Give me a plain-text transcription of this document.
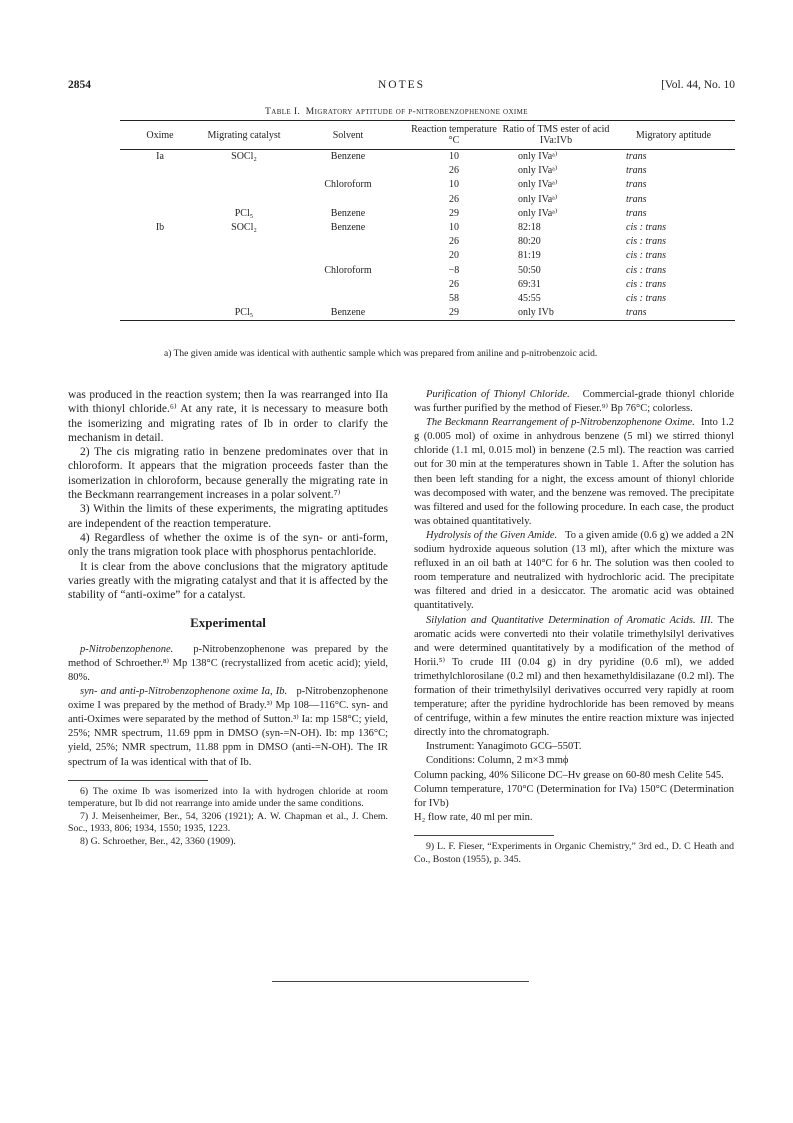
2854	NOTES	[Vol. 44, No. 10
Table I. Migratory aptitude of p-nitrobenzophenone oxime
Oxime	Migrating catalyst	Solvent	Reaction temperature °C	Ratio of TMS ester of acid IVa:IVb	Migratory aptitude
Ia	SOCl₂	Benzene	10	only IVaᵃ⁾	trans
			26	only IVaᵃ⁾	trans
		Chloroform	10	only IVaᵃ⁾	trans
			26	only IVaᵃ⁾	trans
	PCl₅	Benzene	29	only IVaᵃ⁾	trans
Ib	SOCl₂	Benzene	10	82:18	cis : trans
			26	80:20	cis : trans
			20	81:19	cis : trans
		Chloroform	−8	50:50	cis : trans
			26	69:31	cis : trans
			58	45:55	cis : trans
	PCl₅	Benzene	29	only IVb	trans
a) The given amide was identical with authentic sample which was prepared from aniline and p-nitrobenzoic acid.

was produced in the reaction system; then Ia was rearranged into IIa with thionyl chloride.⁶⁾ At any rate, it is necessary to measure both the isomerizing and migrating rates of Ib in order to clarify the mechanism in detail.

2) The cis migrating ratio in benzene predominates over that in chloroform. It appears that the migration proceeds faster than the isomerization in chloroform, because generally the migrating rate in the Beckmann rearrangement increases in a polar solvent.⁷⁾

3) Within the limits of these experiments, the migrating aptitudes are independent of the reaction temperature.

4) Regardless of whether the oxime is of the syn- or anti-form, only the trans migration took place with phosphorus pentachloride.

It is clear from the above conclusions that the migratory aptitude varies greatly with the migrating catalyst and that it is affected by the stability of “anti-oxime” for a catalyst.

Experimental

p-Nitrobenzophenone. p-Nitrobenzophenone was prepared by the method of Schroether.⁸⁾ Mp 138°C (recrystallized from acetic acid); yield, 80%.

syn- and anti-p-Nitrobenzophenone oxime Ia, Ib. p-Nitrobenzophenone oxime I was prepared by the method of Brady.³⁾ Mp 108—116°C. syn- and anti-Oximes were separated by the method of Sutton.³⁾ Ia: mp 158°C; yield, 25%; NMR spectrum, 11.69 ppm in DMSO (syn-=N-OH). Ib: mp 136°C; yield, 25%; NMR spectrum, 11.88 ppm in DMSO (anti-=N-OH). The IR spectrum of Ia was identical with that of Ib.

6) The oxime Ib was isomerized into Ia with hydrogen chloride at room temperature, but Ib did not rearrange into amide under the same conditions.

7) J. Meisenheimer, Ber., 54, 3206 (1921); A. W. Chapman et al., J. Chem. Soc., 1933, 806; 1934, 1550; 1935, 1223.

8) G. Schroether, Ber., 42, 3360 (1909).

Purification of Thionyl Chloride. Commercial-grade thionyl chloride was further purified by the method of Fieser.⁹⁾ Bp 76°C; colorless.

The Beckmann Rearrangement of p-Nitrobenzophenone Oxime. Into 1.2 g (0.005 mol) of oxime in anhydrous benzene (5 ml) we stirred thionyl chloride (1.1 ml, 0.015 mol) in benzene (2.5 ml). The reaction was carried out for 30 min at the temperatures shown in Table 1. After the solution has then been left standing for a night, the excess amount of thionyl chloride was decomposed with water, and the benzene was removed. The precipitate was filtered and used for the following procedure. In each case, the product was obtained quantitatively.

Hydrolysis of the Given Amide. To a given amide (0.6 g) we added a 2N sodium hydroxide aqueous solution (13 ml), after which the mixture was refluxed in an oil bath at 140°C for 6 hr. The solution was then cooled to room temperature and neutralized with hydrochloric acid. The precipitate was filtered and dried in a desiccator. The aromatic acid was obtained quantitatively.

Silylation and Quantitative Determination of Aromatic Acids. III. The aromatic acids were convertedi nto their volatile trimethylsilyl derivatives and were determined quantitatively by a modification of the method of Horii.⁵⁾ To crude III (0.04 g) in dry pyridine (0.6 ml), we added trimethylchlorosilane (0.2 ml) and then hexamethyldisilazane (0.2 ml). The formation of their trimethylsilyl derivatives occurred very rapidly at room temperature; after the pyridine hydrochloride has been removed by means of centrifuge, within a few minutes the entire reaction mixture was injected directly into the chromatograph.

Instrument: Yanagimoto GCG–550T.

Conditions: Column, 2 m×3 mmϕ

Column packing, 40% Silicone DC–Hv grease on 60-80 mesh Celite 545.

Column temperature, 170°C (Determination for IVa) 150°C (Determination for IVb)

H₂ flow rate, 40 ml per min.

9) L. F. Fieser, “Experiments in Organic Chemistry,” 3rd ed., D. C Heath and Co., Boston (1955), p. 345.
